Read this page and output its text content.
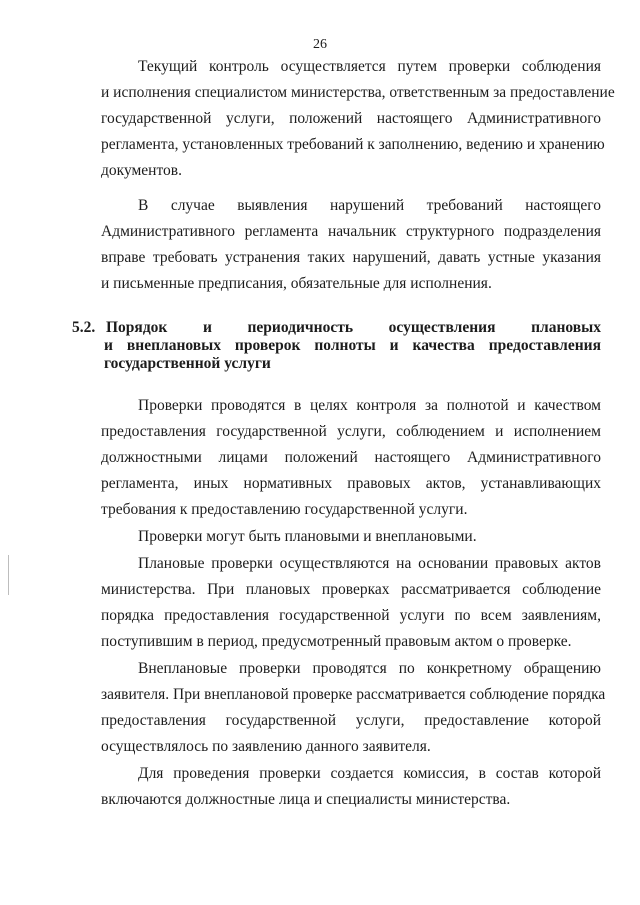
26
Текущий контроль осуществляется путем проверки соблюдения
и исполнения специалистом министерства, ответственным за предоставление
государственной услуги, положений настоящего Административного
регламента, установленных требований к заполнению, ведению и хранению
документов.
В случае выявления нарушений требований настоящего
Административного регламента начальник структурного подразделения
вправе требовать устранения таких нарушений, давать устные указания
и письменные предписания, обязательные для исполнения.
5.2. Порядок и периодичность осуществления плановых
и внеплановых проверок полноты и качества предоставления
государственной услуги
Проверки проводятся в целях контроля за полнотой и качеством
предоставления государственной услуги, соблюдением и исполнением
должностными лицами положений настоящего Административного
регламента, иных нормативных правовых актов, устанавливающих
требования к предоставлению государственной услуги.
Проверки могут быть плановыми и внеплановыми.
Плановые проверки осуществляются на основании правовых актов
министерства. При плановых проверках рассматривается соблюдение
порядка предоставления государственной услуги по всем заявлениям,
поступившим в период, предусмотренный правовым актом о проверке.
Внеплановые проверки проводятся по конкретному обращению
заявителя. При внеплановой проверке рассматривается соблюдение порядка
предоставления государственной услуги, предоставление которой
осуществлялось по заявлению данного заявителя.
Для проведения проверки создается комиссия, в состав которой
включаются должностные лица и специалисты министерства.
